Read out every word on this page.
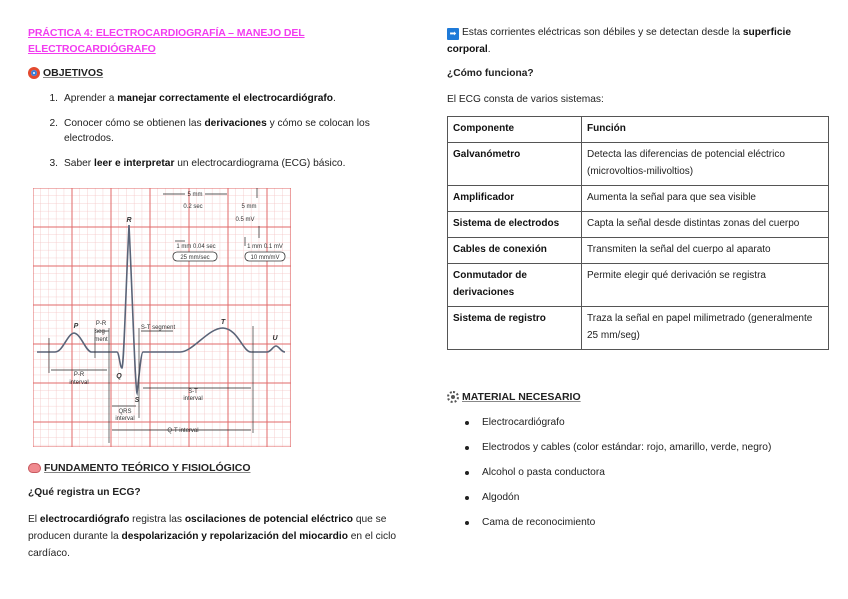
PRÁCTICA 4: ELECTROCARDIOGRAFÍA – MANEJO DEL ELECTROCARDIÓGRAFO
OBJETIVOS
1. Aprender a manejar correctamente el electrocardiógrafo.
2. Conocer cómo se obtienen las derivaciones y cómo se colocan los electrodos.
3. Saber leer e interpretar un electrocardiograma (ECG) básico.
5 mm
0.2 sec	5 mm
0.5 mV
1 mm 0.04 sec	1 mm 0.1 mV
25 mm/sec	10 mm/mV
P-R
seg-
ment
S-T segment
P-R
interval
QRS
interval
S-T
interval
Q-T interval
R
P
Q
S
T
U
FUNDAMENTO TEÓRICO Y FISIOLÓGICO
¿Qué registra un ECG?
El electrocardiógrafo registra las oscilaciones de potencial eléctrico que se producen durante la despolarización y repolarización del miocardio en el ciclo cardíaco.
➡ Estas corrientes eléctricas son débiles y se detectan desde la superficie corporal.
¿Cómo funciona?
El ECG consta de varios sistemas:
Componente	Función
Galvanómetro	Detecta las diferencias de potencial eléctrico (microvoltios-milivoltios)
Amplificador	Aumenta la señal para que sea visible
Sistema de electrodos	Capta la señal desde distintas zonas del cuerpo
Cables de conexión	Transmiten la señal del cuerpo al aparato
Conmutador de derivaciones	Permite elegir qué derivación se registra
Sistema de registro	Traza la señal en papel milimetrado (generalmente 25 mm/seg)
MATERIAL NECESARIO
Electrocardiógrafo
Electrodos y cables (color estándar: rojo, amarillo, verde, negro)
Alcohol o pasta conductora
Algodón
Cama de reconocimiento
